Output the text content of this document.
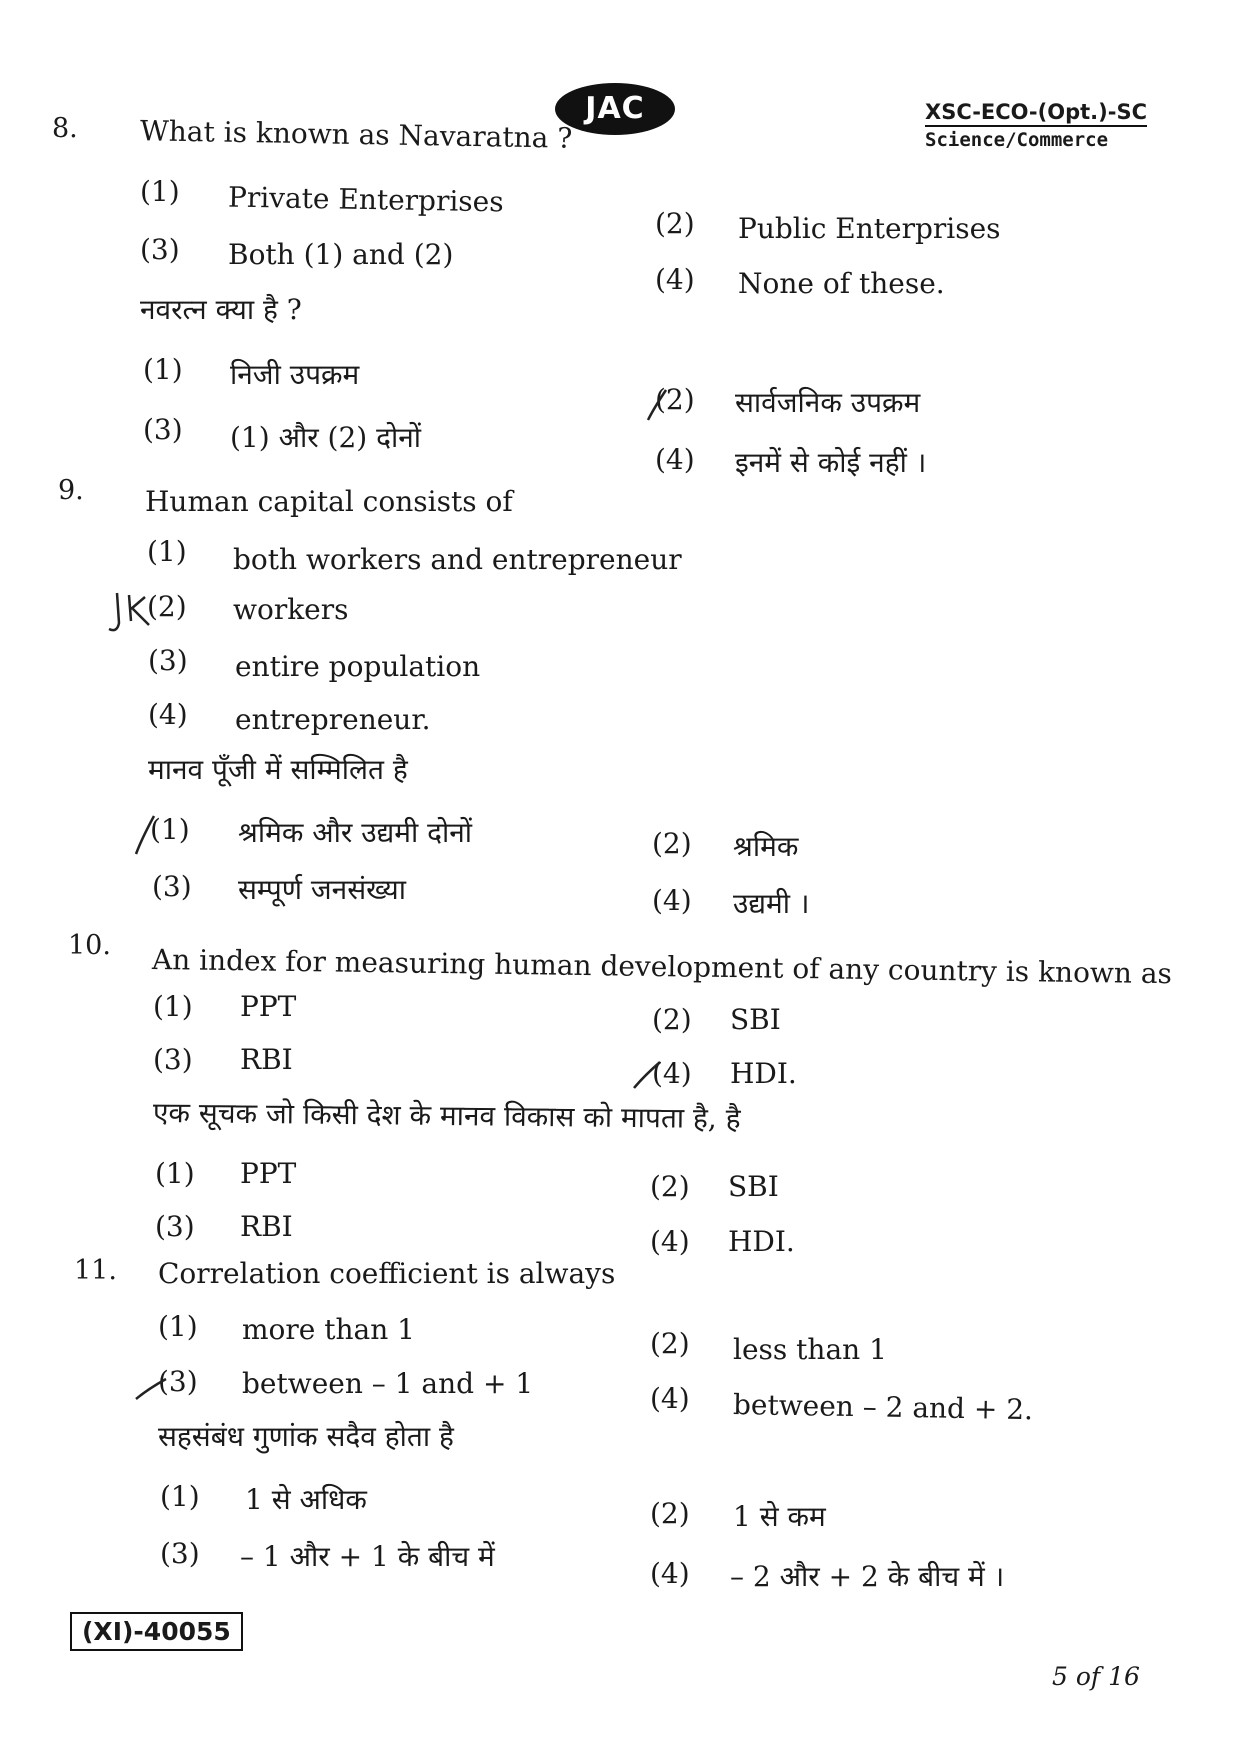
JAC	XSC-ECO-(Opt.)-SC
Science/Commerce
8. What is known as Navaratna ?
(1) Private Enterprises
(3) Both (1) and (2)
(2) Public Enterprises
(4) None of these.
नवरत्न क्या है ?
(1) निजी उपक्रम
(3) (1) और (2) दोनों
(2) सार्वजनिक उपक्रम
(4) इनमें से कोई नहीं ।
9. Human capital consists of
(1) both workers and entrepreneur
(2) workers
(3) entire population
(4) entrepreneur.
मानव पूँजी में सम्मिलित है
(1) श्रमिक और उद्यमी दोनों
(3) सम्पूर्ण जनसंख्या
(2) श्रमिक
(4) उद्यमी ।
10. An index for measuring human development of any country is known as
(1) PPT
(3) RBI
(2) SBI
(4) HDI.
एक सूचक जो किसी देश के मानव विकास को मापता है, है
(1) PPT
(3) RBI
(2) SBI
(4) HDI.
11. Correlation coefficient is always
(1) more than 1
(3) between – 1 and + 1
(2) less than 1
(4) between – 2 and + 2.
सहसंबंध गुणांक सदैव होता है
(1) 1 से अधिक
(3) – 1 और + 1 के बीच में
(2) 1 से कम
(4) – 2 और + 2 के बीच में ।
(XI)-40055
5 of 16
